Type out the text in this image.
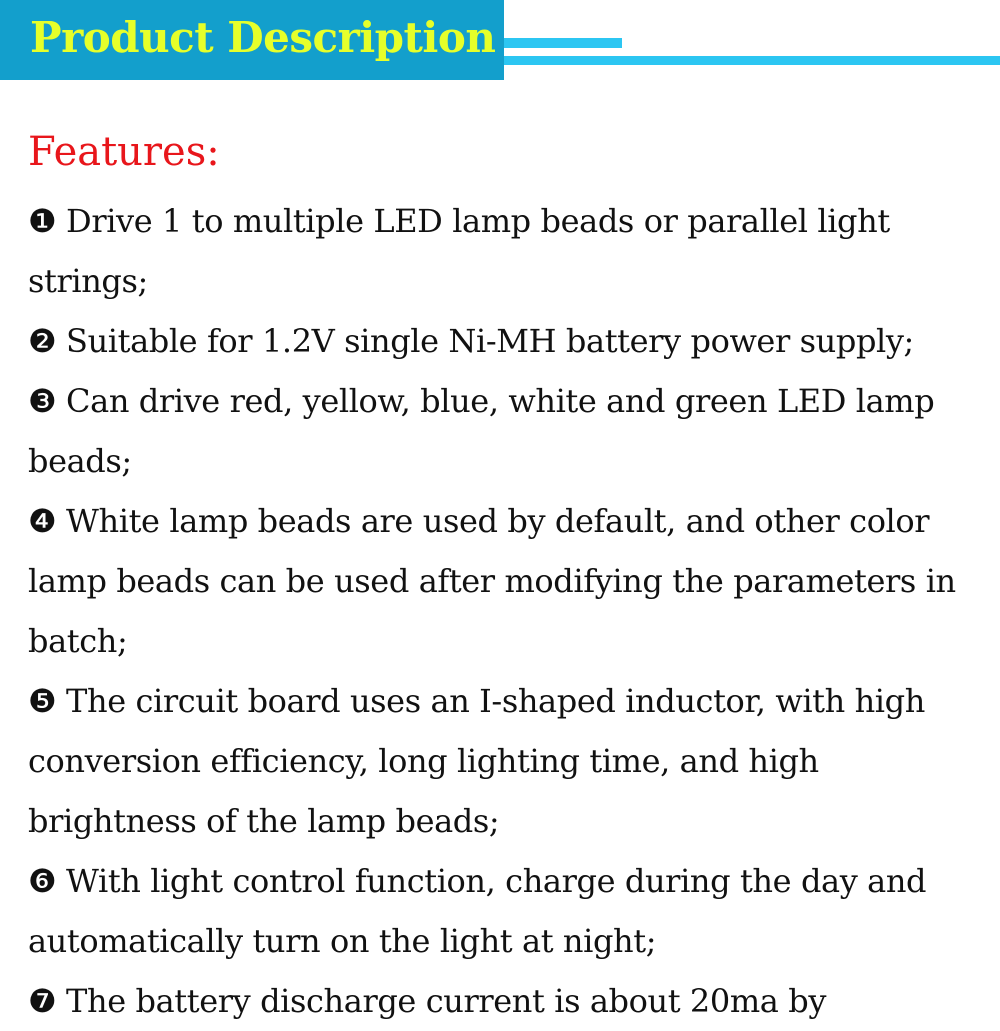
Product Description
Features:
❶ Drive 1 to multiple LED lamp beads or parallel light strings;
❷ Suitable for 1.2V single Ni-MH battery power supply;
❸ Can drive red, yellow, blue, white and green LED lamp beads;
❹ White lamp beads are used by default, and other color lamp beads can be used after modifying the parameters in batch;
❺ The circuit board uses an I-shaped inductor, with high conversion efficiency, long lighting time, and high brightness of the lamp beads;
❻ With light control function, charge during the day and automatically turn on the light at night;
❼ The battery discharge current is about 20ma by
